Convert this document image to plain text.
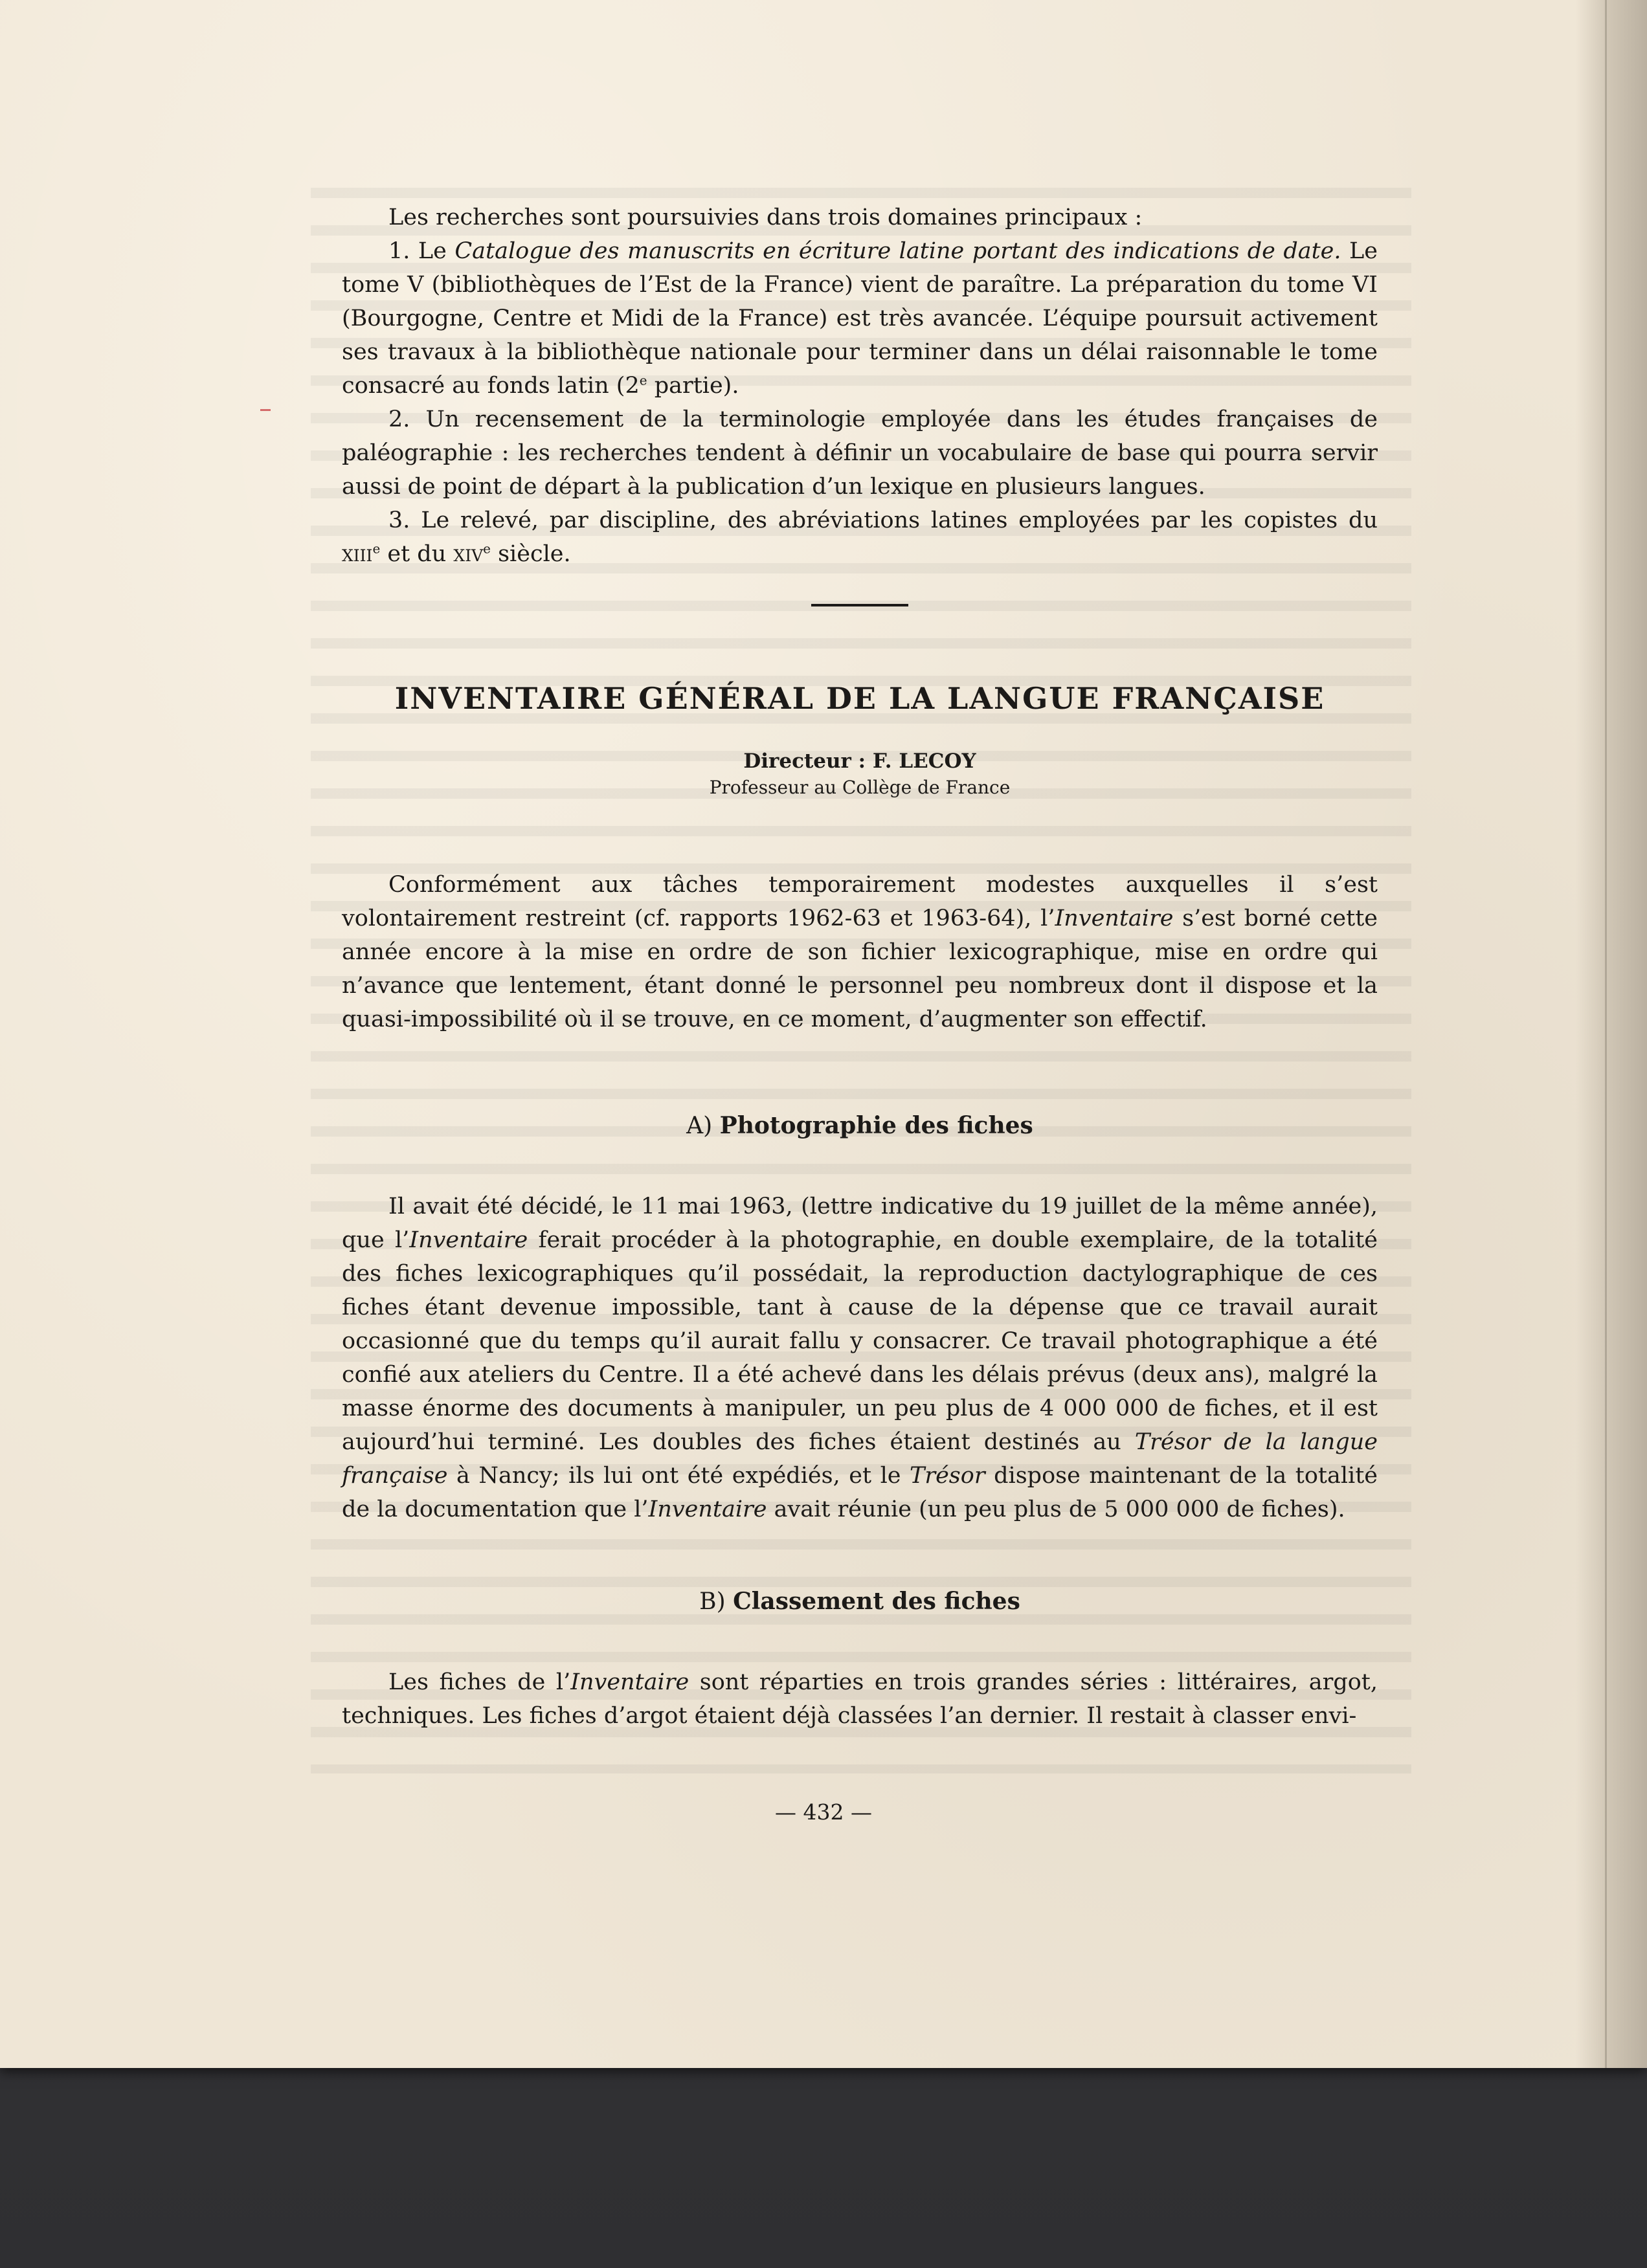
Les recherches sont poursuivies dans trois domaines principaux :

1. Le Catalogue des manuscrits en écriture latine portant des indications de date. Le tome V (bibliothèques de l’Est de la France) vient de paraître. La préparation du tome VI (Bourgogne, Centre et Midi de la France) est très avancée. L’équipe poursuit activement ses travaux à la bibliothèque nationale pour terminer dans un délai raisonnable le tome consacré au fonds latin (2e partie).

2. Un recensement de la terminologie employée dans les études françaises de paléographie : les recherches tendent à définir un vocabulaire de base qui pourra servir aussi de point de départ à la publication d’un lexique en plusieurs langues.

3. Le relevé, par discipline, des abréviations latines employées par les copistes du xiii$^e$ et du xiv$^e$ siècle.

INVENTAIRE GÉNÉRAL DE LA LANGUE FRANÇAISE
Directeur : F. LECOY
Professeur au Collège de France

Conformément aux tâches temporairement modestes auxquelles il s’est volontairement restreint (cf. rapports 1962-63 et 1963-64), l’Inventaire s’est borné cette année encore à la mise en ordre de son fichier lexicographique, mise en ordre qui n’avance que lentement, étant donné le personnel peu nombreux dont il dispose et la quasi-impossibilité où il se trouve, en ce moment, d’augmenter son effectif.

A) Photographie des fiches

Il avait été décidé, le 11 mai 1963, (lettre indicative du 19 juillet de la même année), que l’Inventaire ferait procéder à la photographie, en double exemplaire, de la totalité des fiches lexicographiques qu’il possédait, la reproduction dactylographique de ces fiches étant devenue impossible, tant à cause de la dépense que ce travail aurait occasionné que du temps qu’il aurait fallu y consacrer. Ce travail photographique a été confié aux ateliers du Centre. Il a été achevé dans les délais prévus (deux ans), malgré la masse énorme des documents à manipuler, un peu plus de 4 000 000 de fiches, et il est aujourd’hui terminé. Les doubles des fiches étaient destinés au Trésor de la langue française à Nancy; ils lui ont été expédiés, et le Trésor dispose maintenant de la totalité de la documentation que l’Inventaire avait réunie (un peu plus de 5 000 000 de fiches).

B) Classement des fiches

Les fiches de l’Inventaire sont réparties en trois grandes séries : littéraires, argot, techniques. Les fiches d’argot étaient déjà classées l’an dernier. Il restait à classer envi-

— 432 —
